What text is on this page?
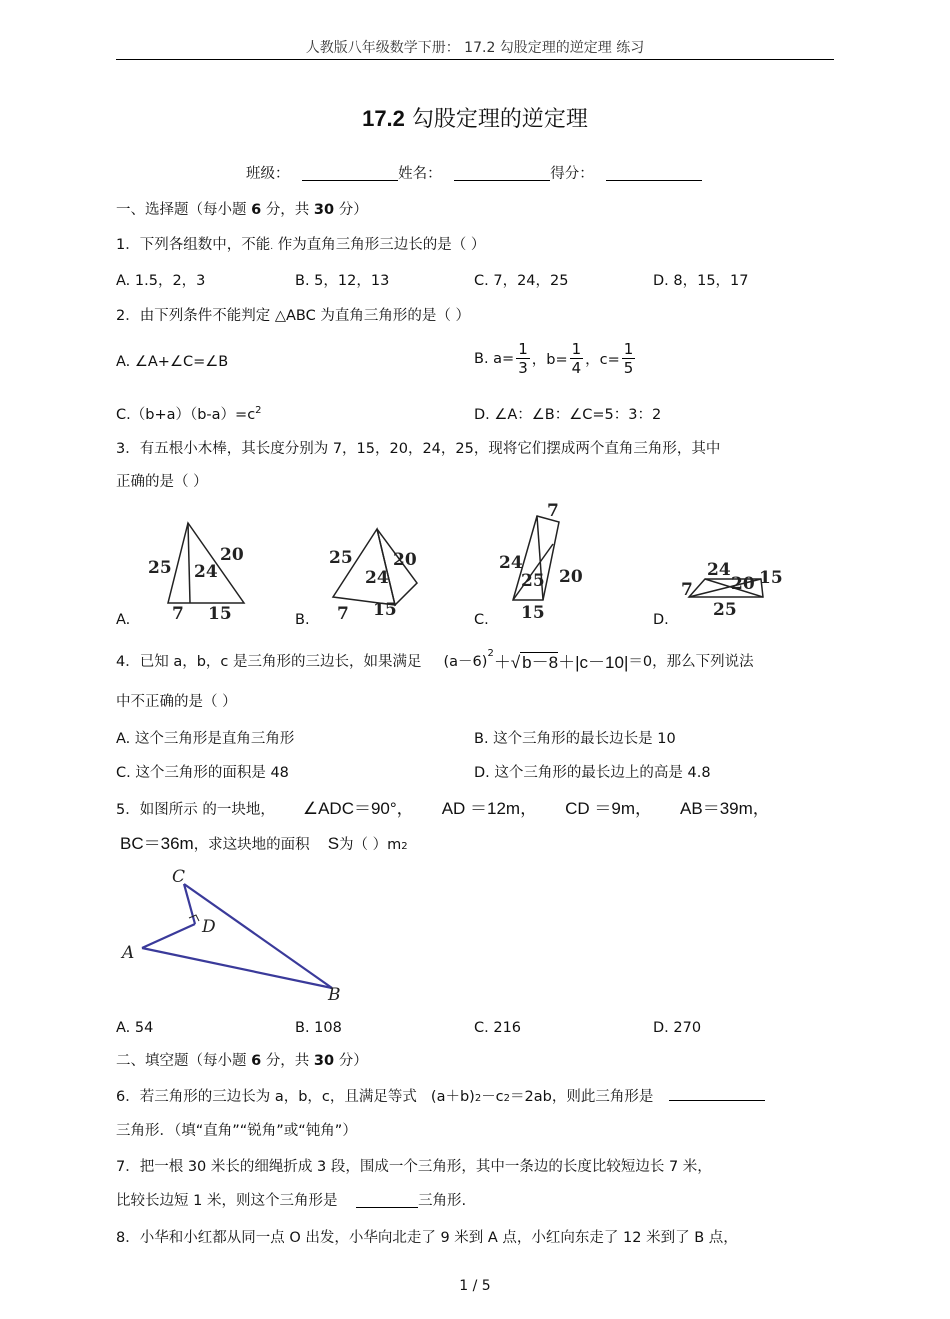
人教版八年级数学下册： 17.2 勾股定理的逆定理 练习
17.2 勾股定理的逆定理
班级：	姓名：	得分：
一、选择题（每小题 6 分，共 30 分）
1．下列各组数中，不能. 作为直角三角形三边长的是（ ）
A. 1.5，2，3	B. 5，12，13	C. 7，24，25	D. 8，15，17
2．由下列条件不能判定 △ABC 为直角三角形的是（ ）
A. ∠A+∠C=∠B	B. $a= \frac{1}{3}$ ，$b= \frac{1}{4}$ ，$c= \frac{1}{5}$
$C.(b+a)(b-a)=c^2$	D. ∠A：∠B：∠C=5：3：2
3．有五根小木棒，其长度分别为 7，15，20，24，25，现将它们摆成两个直角三角形，其中
正确的是（ ）
25 24
20
7 15
25
24
20
7 15
7
24
25 20
15
7
24
20 15
25
A.	B.	C.	D.
4．已知 a，b，c 是三角形的三边长，如果满足 (a－6)
$^2$ ＋ √ b－8 ＋ |c－10| ＝0，那么下列说法
中不正确的是（ ）
A. 这个三角形是直角三角形	B. 这个三角形的最长边长是 10
C. 这个三角形的面积是 48	D. 这个三角形的最长边上的高是 4.8
5．如图所示 的一块地， ∠ADC＝90°， AD ＝12m， CD ＝9m， AB＝39m，
BC＝36m ，求这块地的面积 S 为（ ）$m_2$
C
D
A
B
A. 54	B. 108	C. 216	D. 270
二、填空题（每小题 6 分，共 30 分）
6．若三角形的三边长为 a，b，c，且满足等式 $(a+b)_2 -c_2 =2ab$，则此三角形是
三角形．（填“直角”“锐角”或“钝角”）
7．把一根 30 米长的细绳折成 3 段，围成一个三角形，其中一条边的长度比较短边长 7 米，
比较长边短 1 米，则这个三角形是	三角形.
8．小华和小红都从同一点 O 出发，小华向北走了 9 米到 A 点，小红向东走了 12 米到了 B 点，
1 / 5
